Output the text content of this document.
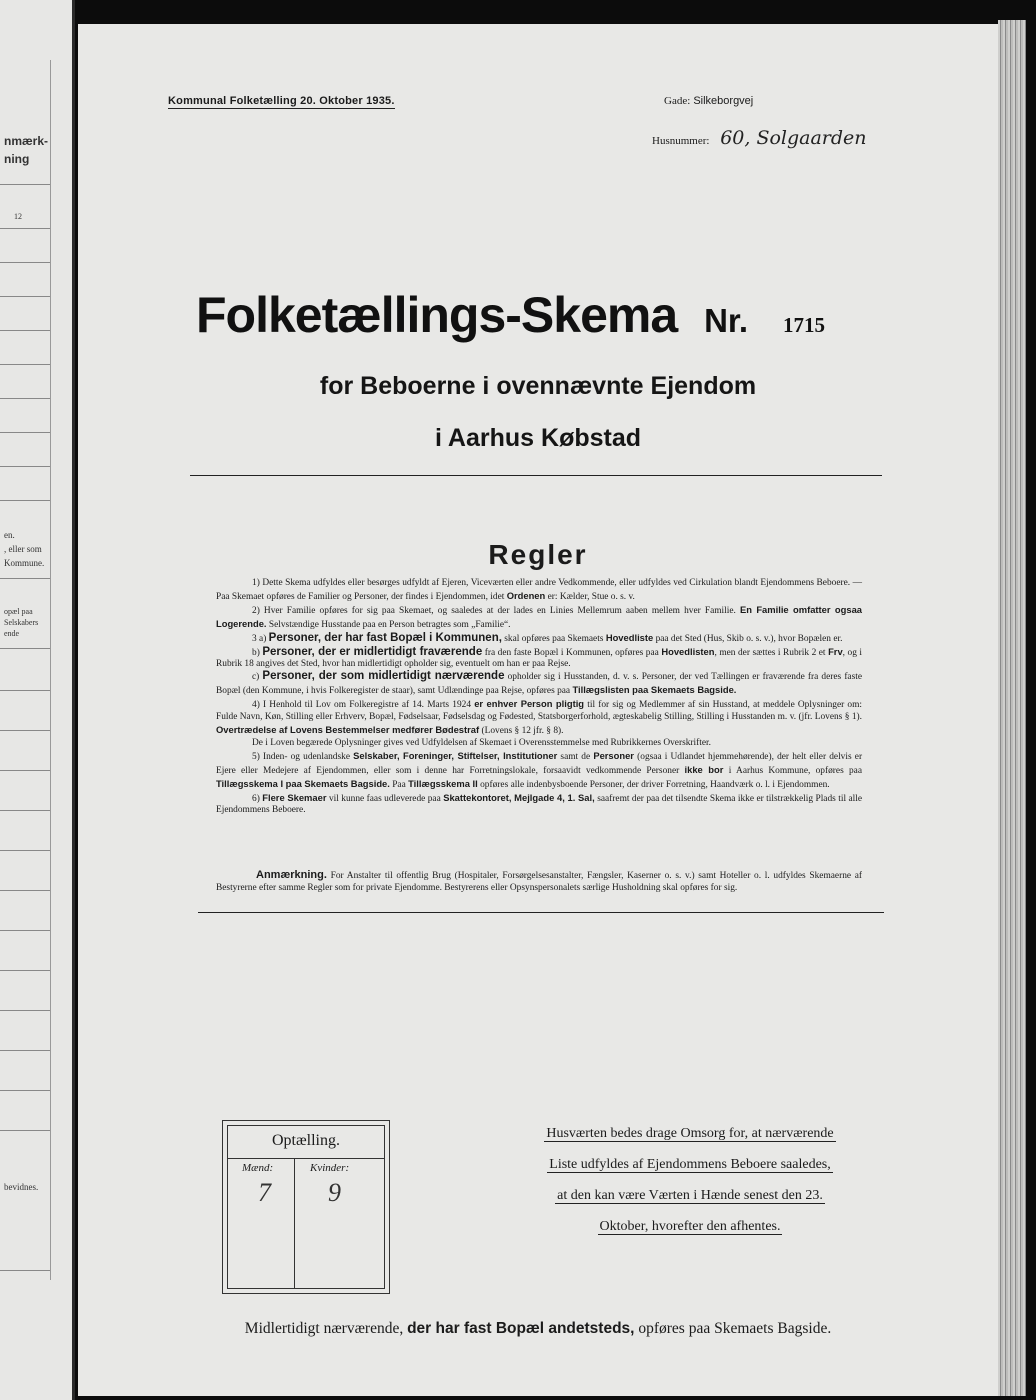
nmærk-
ning
12
en.
, eller som
Kommune.
opæl paa
Selskabers
ende
bevidnes.
Kommunal Folketælling 20. Oktober 1935.	Gade: Silkeborgvej
Husnummer: 60, Solgaarden
Folketællings-Skema Nr. 1715
for Beboerne i ovennævnte Ejendom
i Aarhus Købstad
Regler

1) Dette Skema udfyldes eller besørges udfyldt af Ejeren, Viceværten eller andre Vedkommende, eller udfyldes ved Cirkulation blandt Ejendommens Beboere. — Paa Skemaet opføres de Familier og Personer, der findes i Ejendommen, idet Ordenen er: Kælder, Stue o. s. v.

2) Hver Familie opføres for sig paa Skemaet, og saaledes at der lades en Linies Mellemrum aaben mellem hver Familie. En Familie omfatter ogsaa Logerende. Selvstændige Husstande paa en Person betragtes som „Familie“.

3 a) Personer, der har fast Bopæl i Kommunen, skal opføres paa Skemaets Hovedliste paa det Sted (Hus, Skib o. s. v.), hvor Bopælen er.

b) Personer, der er midlertidigt fraværende fra den faste Bopæl i Kommunen, opføres paa Hovedlisten, men der sættes i Rubrik 2 et Frv, og i Rubrik 18 angives det Sted, hvor han midlertidigt opholder sig, eventuelt om han er paa Rejse.

c) Personer, der som midlertidigt nærværende opholder sig i Husstanden, d. v. s. Personer, der ved Tællingen er fraværende fra deres faste Bopæl (den Kommune, i hvis Folkeregister de staar), samt Udlændinge paa Rejse, opføres paa Tillægslisten paa Skemaets Bagside.

4) I Henhold til Lov om Folkeregistre af 14. Marts 1924 er enhver Person pligtig til for sig og Medlemmer af sin Husstand, at meddele Oplysninger om: Fulde Navn, Køn, Stilling eller Erhverv, Bopæl, Fødselsaar, Fødselsdag og Fødested, Statsborgerforhold, ægteskabelig Stilling, Stilling i Husstanden m. v. (jfr. Lovens § 1). Overtrædelse af Lovens Bestemmelser medfører Bødestraf (Lovens § 12 jfr. § 8).

De i Loven begærede Oplysninger gives ved Udfyldelsen af Skemaet i Overensstemmelse med Rubrikkernes Overskrifter.

5) Inden- og udenlandske Selskaber, Foreninger, Stiftelser, Institutioner samt de Personer (ogsaa i Udlandet hjemmehørende), der helt eller delvis er Ejere eller Medejere af Ejendommen, eller som i denne har Forretningslokale, forsaavidt vedkommende Personer ikke bor i Aarhus Kommune, opføres paa Tillægsskema I paa Skemaets Bagside. Paa Tillægsskema II opføres alle indenbysboende Personer, der driver Forretning, Haandværk o. l. i Ejendommen.

6) Flere Skemaer vil kunne faas udleverede paa Skattekontoret, Mejlgade 4, 1. Sal, saafremt der paa det tilsendte Skema ikke er tilstrækkelig Plads til alle Ejendommens Beboere.

Anmærkning. For Anstalter til offentlig Brug (Hospitaler, Forsørgelsesanstalter, Fængsler, Kaserner o. s. v.) samt Hoteller o. l. udfyldes Skemaerne af Bestyrerne efter samme Regler som for private Ejendomme. Bestyrerens eller Opsynspersonalets særlige Husholdning skal opføres for sig.
Optælling.
Mænd:	Kvinder:
7 9
Husværten bedes drage Omsorg for, at nærværende
Liste udfyldes af Ejendommens Beboere saaledes,
at den kan være Værten i Hænde senest den 23.
Oktober, hvorefter den afhentes.
Midlertidigt nærværende, der har fast Bopæl andetsteds, opføres paa Skemaets Bagside.
